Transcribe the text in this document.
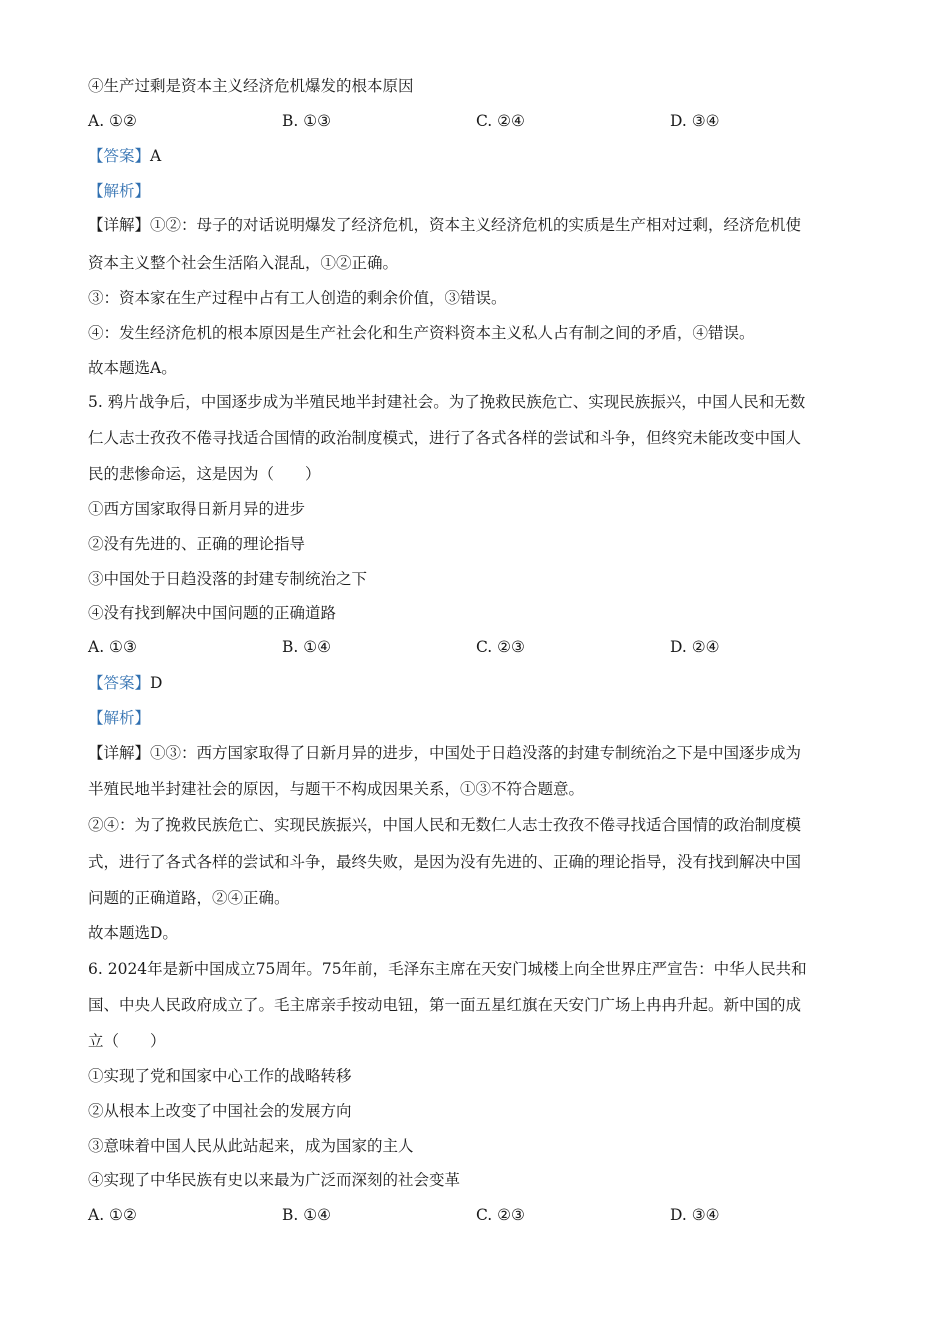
④生产过剩是资本主义经济危机爆发的根本原因
A. ①②	B. ①③	C. ②④	D. ③④
【答案】A
【解析】
【详解】①②：母子的对话说明爆发了经济危机，资本主义经济危机的实质是生产相对过剩，经济危机使
资本主义整个社会生活陷入混乱，①②正确。
③：资本家在生产过程中占有工人创造的剩余价值，③错误。
④：发生经济危机的根本原因是生产社会化和生产资料资本主义私人占有制之间的矛盾，④错误。
故本题选A。
5. 鸦片战争后，中国逐步成为半殖民地半封建社会。为了挽救民族危亡、实现民族振兴，中国人民和无数
仁人志士孜孜不倦寻找适合国情的政治制度模式，进行了各式各样的尝试和斗争，但终究未能改变中国人
民的悲惨命运，这是因为（　　）
①西方国家取得日新月异的进步
②没有先进的、正确的理论指导
③中国处于日趋没落的封建专制统治之下
④没有找到解决中国问题的正确道路
A. ①③	B. ①④	C. ②③	D. ②④
【答案】D
【解析】
【详解】①③：西方国家取得了日新月异的进步，中国处于日趋没落的封建专制统治之下是中国逐步成为
半殖民地半封建社会的原因，与题干不构成因果关系，①③不符合题意。
②④：为了挽救民族危亡、实现民族振兴，中国人民和无数仁人志士孜孜不倦寻找适合国情的政治制度模
式，进行了各式各样的尝试和斗争，最终失败，是因为没有先进的、正确的理论指导，没有找到解决中国
问题的正确道路，②④正确。
故本题选D。
6. 2024年是新中国成立75周年。75年前，毛泽东主席在天安门城楼上向全世界庄严宣告：中华人民共和
国、中央人民政府成立了。毛主席亲手按动电钮，第一面五星红旗在天安门广场上冉冉升起。新中国的成
立（　　）
①实现了党和国家中心工作的战略转移
②从根本上改变了中国社会的发展方向
③意味着中国人民从此站起来，成为国家的主人
④实现了中华民族有史以来最为广泛而深刻的社会变革
A. ①②	B. ①④	C. ②③	D. ③④
